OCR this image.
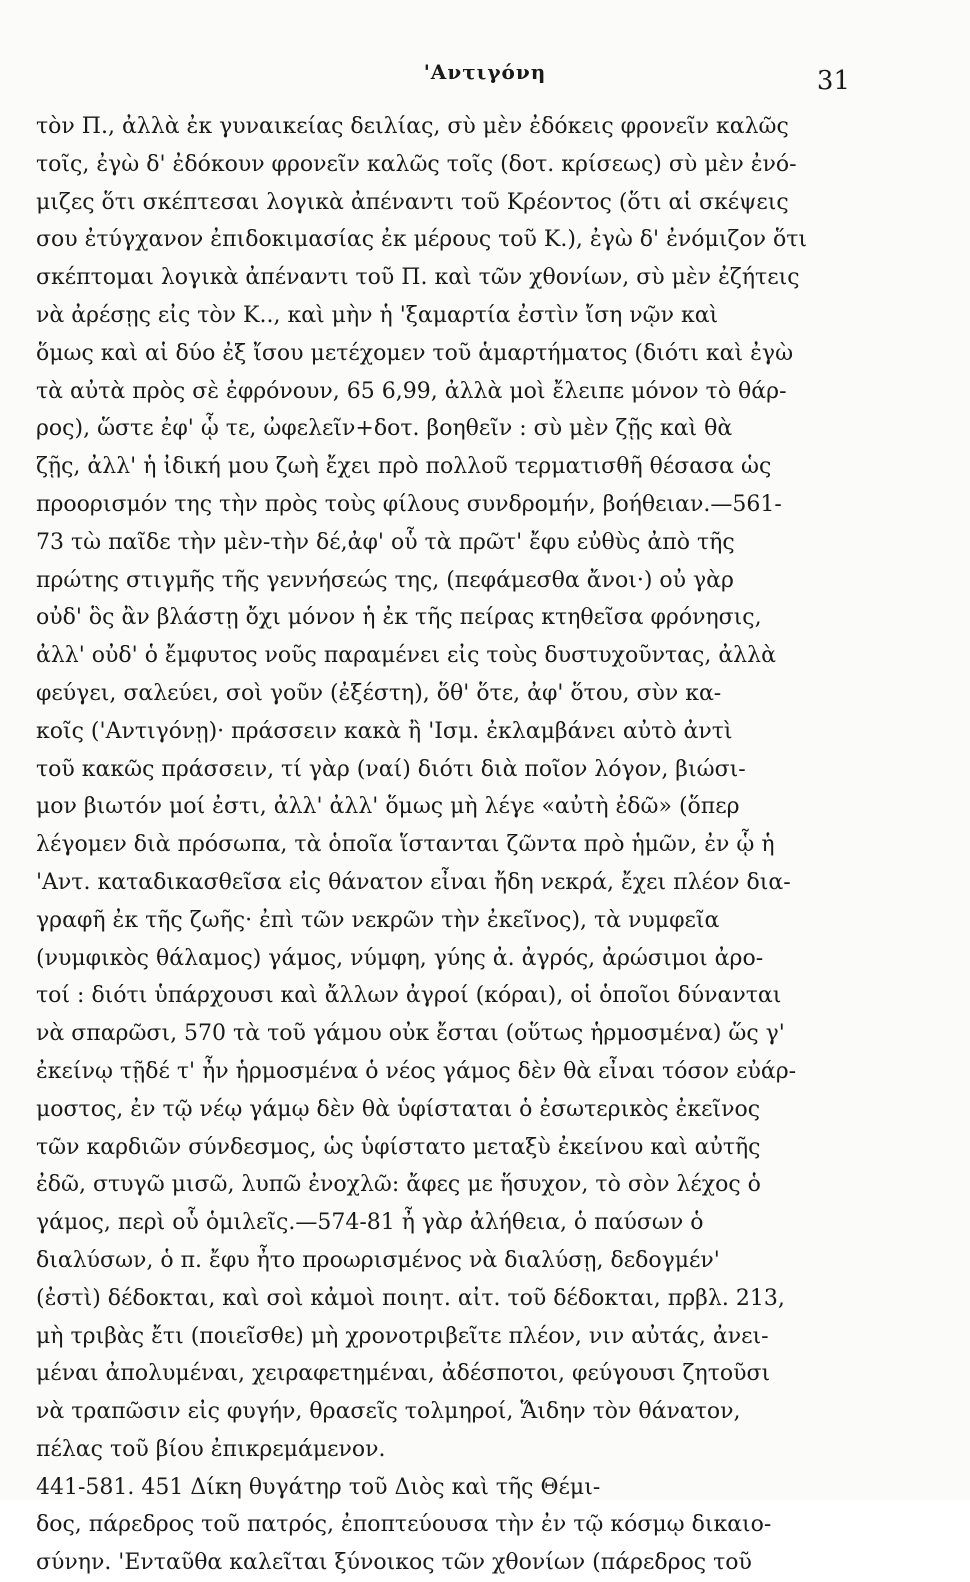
'Αντιγόνη	31
τὸν Π., ἀλλὰ ἐκ γυναικείας δειλίας, σὺ μὲν ἐδόκεις φρονεῖν καλῶς
τοῖς, ἐγὼ δ' ἐδόκουν φρονεῖν καλῶς τοῖς (δοτ. κρίσεως) σὺ μὲν ἐνό-
μιζες ὅτι σκέπτεσαι λογικὰ ἀπέναντι τοῦ Κρέοντος (ὅτι αἱ σκέψεις
σου ἐτύγχανον ἐπιδοκιμασίας ἐκ μέρους τοῦ Κ.), ἐγὼ δ' ἐνόμιζον ὅτι
σκέπτομαι λογικὰ ἀπέναντι τοῦ Π. καὶ τῶν χθονίων, σὺ μὲν ἐζήτεις
νὰ ἀρέσῃς εἰς τὸν Κ.., καὶ μὴν ἡ 'ξαμαρτία ἐστὶν ἴση νῷν καὶ
ὅμως καὶ αἱ δύο ἐξ ἴσου μετέχομεν τοῦ ἁμαρτήματος (διότι καὶ ἐγὼ
τὰ αὐτὰ πρὸς σὲ ἐφρόνουν, 65 6,99, ἀλλὰ μοὶ ἔλειπε μόνον τὸ θάρ-
ρος), ὥστε ἐφ' ᾧ τε, ὠφελεῖν+δοτ. βοηθεῖν : σὺ μὲν ζῇς καὶ θὰ
ζῇς, ἀλλ' ἡ ἰδική μου ζωὴ ἔχει πρὸ πολλοῦ τερματισθῆ θέσασα ὡς
προορισμόν της τὴν πρὸς τοὺς φίλους συνδρομήν, βοήθειαν.—561-
73 τὼ παῖδε τὴν μὲν-τὴν δέ,ἀφ' οὗ τὰ πρῶτ' ἔφυ εὐθὺς ἀπὸ τῆς
πρώτης στιγμῆς τῆς γεννήσεώς της, (πεφάμεσθα ἄνοι·) οὐ γὰρ
οὐδ' ὃς ἂν βλάστῃ ὄχι μόνον ἡ ἐκ τῆς πείρας κτηθεῖσα φρόνησις,
ἀλλ' οὐδ' ὁ ἔμφυτος νοῦς παραμένει εἰς τοὺς δυστυχοῦντας, ἀλλὰ
φεύγει, σαλεύει, σοὶ γοῦν (ἐξέστη), ὅθ' ὅτε, ἀφ' ὅτου, σὺν κα-
κοῖς ('Αντιγόνῃ)· πράσσειν κακὰ ἢ 'Ισμ. ἐκλαμβάνει αὐτὸ ἀντὶ
τοῦ κακῶς πράσσειν, τί γὰρ (ναί) διότι διὰ ποῖον λόγον, βιώσι-
μον βιωτόν μοί ἐστι, ἀλλ' ἀλλ' ὅμως μὴ λέγε «αὐτὴ ἐδῶ» (ὅπερ
λέγομεν διὰ πρόσωπα, τὰ ὁποῖα ἵστανται ζῶντα πρὸ ἡμῶν, ἐν ᾧ ἡ
'Αντ. καταδικασθεῖσα εἰς θάνατον εἶναι ἤδη νεκρά, ἔχει πλέον δια-
γραφῆ ἐκ τῆς ζωῆς· ἐπὶ τῶν νεκρῶν τὴν ἐκεῖνος), τὰ νυμφεῖα
(νυμφικὸς θάλαμος) γάμος, νύμφη, γύης ἀ. ἀγρός, ἀρώσιμοι ἀρο-
τοί : διότι ὑπάρχουσι καὶ ἄλλων ἀγροί (κόραι), οἱ ὁποῖοι δύνανται
νὰ σπαρῶσι, 570 τὰ τοῦ γάμου οὐκ ἔσται (οὕτως ἡρμοσμένα) ὥς γ'
ἐκείνῳ τῇδέ τ' ἦν ἡρμοσμένα ὁ νέος γάμος δὲν θὰ εἶναι τόσον εὐάρ-
μοστος, ἐν τῷ νέῳ γάμῳ δὲν θὰ ὑφίσταται ὁ ἐσωτερικὸς ἐκεῖνος
τῶν καρδιῶν σύνδεσμος, ὡς ὑφίστατο μεταξὺ ἐκείνου καὶ αὐτῆς
ἐδῶ, στυγῶ μισῶ, λυπῶ ἐνοχλῶ: ἄφες με ἥσυχον, τὸ σὸν λέχος ὁ
γάμος, περὶ οὗ ὁμιλεῖς.—574-81 ἦ γὰρ ἀλήθεια, ὁ παύσων ὁ
διαλύσων, ὁ π. ἔφυ ἦτο προωρισμένος νὰ διαλύσῃ, δεδογμέν'
(ἐστὶ) δέδοκται, καὶ σοὶ κἀμοὶ ποιητ. αἰτ. τοῦ δέδοκται, πρβλ. 213,
μὴ τριβὰς ἔτι (ποιεῖσθε) μὴ χρονοτριβεῖτε πλέον, νιν αὐτάς, ἀνει-
μέναι ἀπολυμέναι, χειραφετημέναι, ἀδέσποτοι, φεύγουσι ζητοῦσι
νὰ τραπῶσιν εἰς φυγήν, θρασεῖς τολμηροί, Ἅιδην τὸν θάνατον,
πέλας τοῦ βίου ἐπικρεμάμενον.
441-581. 451 Δίκη θυγάτηρ τοῦ Διὸς καὶ τῆς Θέμι-
δος, πάρεδρος τοῦ πατρός, ἐποπτεύουσα τὴν ἐν τῷ κόσμῳ δικαιο-
σύνην. 'Ενταῦθα καλεῖται ξύνοικος τῶν χθονίων (πάρεδρος τοῦ
